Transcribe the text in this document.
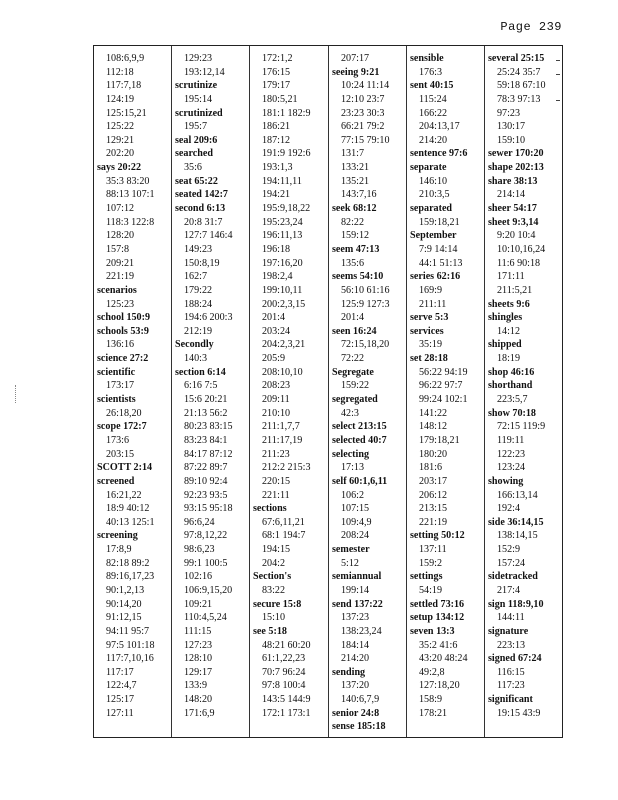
Page 239
108:6,9,9
112:18
117:7,18
124:19
125:15,21
125:22
129:21
202:20
says 20:22
35:3 83:20
88:13 107:1
107:12
118:3 122:8
128:20
157:8
209:21
221:19
scenarios
125:23
school 150:9
schools 53:9
136:16
science 27:2
scientific
173:17
scientists
26:18,20
scope 172:7
173:6
203:15
SCOTT 2:14
screened
16:21,22
18:9 40:12
40:13 125:1
screening
17:8,9
82:18 89:2
89:16,17,23
90:1,2,13
90:14,20
91:12,15
94:11 95:7
97:5 101:18
117:7,10,16
117:17
122:4,7
125:17
127:11
129:23
193:12,14
scrutinize
195:14
scrutinized
195:7
seal 209:6
searched
35:6
seat 65:22
seated 142:7
second 6:13
20:8 31:7
127:7 146:4
149:23
150:8,19
162:7
179:22
188:24
194:6 200:3
212:19
Secondly
140:3
section 6:14
6:16 7:5
15:6 20:21
21:13 56:2
80:23 83:15
83:23 84:1
84:17 87:12
87:22 89:7
89:10 92:4
92:23 93:5
93:15 95:18
96:6,24
97:8,12,22
98:6,23
99:1 100:5
102:16
106:9,15,20
109:21
110:4,5,24
111:15
127:23
128:10
129:17
133:9
148:20
171:6,9
172:1,2
176:15
179:17
180:5,21
181:1 182:9
186:21
187:12
191:9 192:6
193:1,3
194:11,11
194:21
195:9,18,22
195:23,24
196:11,13
196:18
197:16,20
198:2,4
199:10,11
200:2,3,15
201:4
203:24
204:2,3,21
205:9
208:10,10
208:23
209:11
210:10
211:1,7,7
211:17,19
211:23
212:2 215:3
220:15
221:11
sections
67:6,11,21
68:1 194:7
194:15
204:2
Section's
83:22
secure 15:8
15:10
see 5:18
48:21 60:20
61:1,22,23
70:7 96:24
97:8 100:4
143:5 144:9
172:1 173:1
207:17
seeing 9:21
10:24 11:14
12:10 23:7
23:23 30:3
66:21 79:2
77:15 79:10
131:7
133:21
135:21
143:7,16
seek 68:12
82:22
159:12
seem 47:13
135:6
seems 54:10
56:10 61:16
125:9 127:3
201:4
seen 16:24
72:15,18,20
72:22
Segregate
159:22
segregated
42:3
select 213:15
selected 40:7
selecting
17:13
self 60:1,6,11
106:2
107:15
109:4,9
208:24
semester
5:12
semiannual
199:14
send 137:22
137:23
138:23,24
184:14
214:20
sending
137:20
140:6,7,9
senior 24:8
sense 185:18
sensible
176:3
sent 40:15
115:24
166:22
204:13,17
214:20
sentence 97:6
separate
146:10
210:3,5
separated
159:18,21
September
7:9 14:14
44:1 51:13
series 62:16
169:9
211:11
serve 5:3
services
35:19
set 28:18
56:22 94:19
96:22 97:7
99:24 102:1
141:22
148:12
179:18,21
180:20
181:6
203:17
206:12
213:15
221:19
setting 50:12
137:11
159:2
settings
54:19
settled 73:16
setup 134:12
seven 13:3
35:2 41:6
43:20 48:24
49:2,8
127:18,20
158:9
178:21
several 25:15
25:24 35:7
59:18 67:10
78:3 97:13
97:23
130:17
159:10
sewer 170:20
shape 202:13
share 38:13
214:14
sheer 54:17
sheet 9:3,14
9:20 10:4
10:10,16,24
11:6 90:18
171:11
211:5,21
sheets 9:6
shingles
14:12
shipped
18:19
shop 46:16
shorthand
223:5,7
show 70:18
72:15 119:9
119:11
122:23
123:24
showing
166:13,14
192:4
side 36:14,15
138:14,15
152:9
157:24
sidetracked
217:4
sign 118:9,10
144:11
signature
223:13
signed 67:24
116:15
117:23
significant
19:15 43:9
